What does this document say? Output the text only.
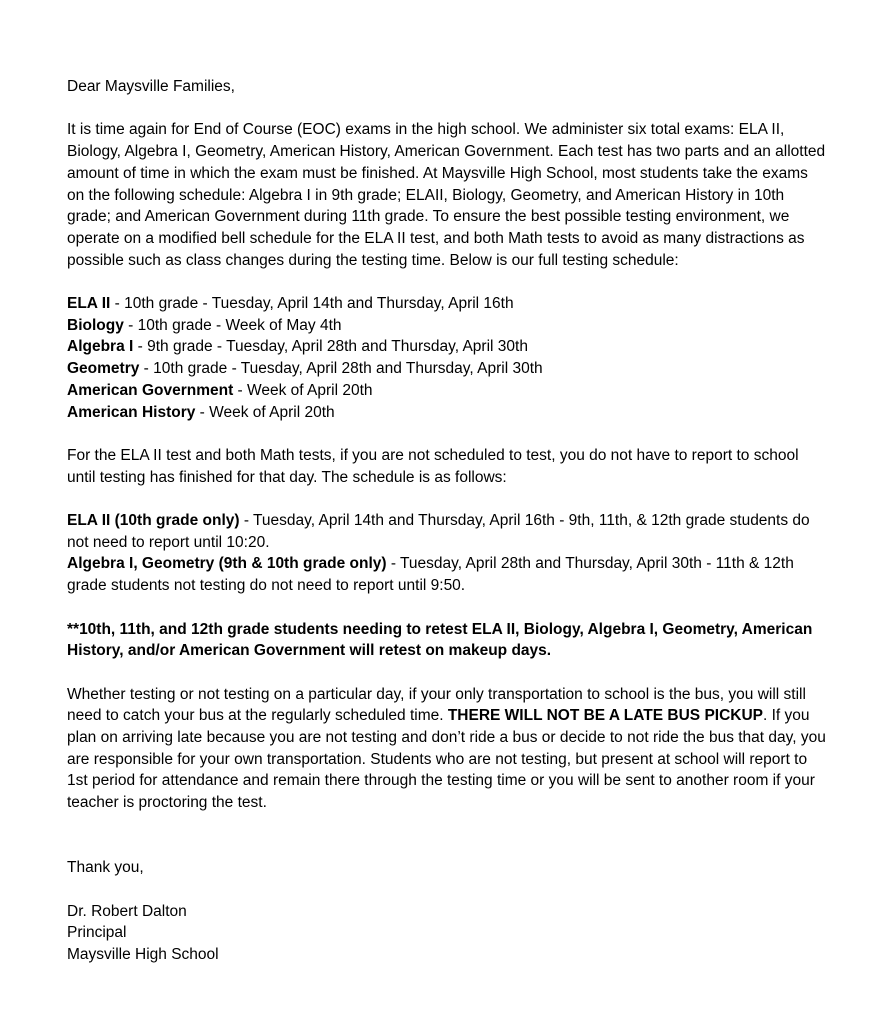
Dear Maysville Families,

It is time again for End of Course (EOC) exams in the high school. We administer six total exams: ELA II, Biology, Algebra I, Geometry, American History, American Government. Each test has two parts and an allotted amount of time in which the exam must be finished. At Maysville High School, most students take the exams on the following schedule: Algebra I in 9th grade; ELAII, Biology, Geometry, and American History in 10th grade; and American Government during 11th grade. To ensure the best possible testing environment, we operate on a modified bell schedule for the ELA II test, and both Math tests to avoid as many distractions as possible such as class changes during the testing time. Below is our full testing schedule:

ELA II - 10th grade - Tuesday, April 14th and Thursday, April 16th
Biology - 10th grade - Week of May 4th
Algebra I - 9th grade - Tuesday, April 28th and Thursday, April 30th
Geometry - 10th grade - Tuesday, April 28th and Thursday, April 30th
American Government - Week of April 20th
American History - Week of April 20th

For the ELA II test and both Math tests, if you are not scheduled to test, you do not have to report to school until testing has finished for that day. The schedule is as follows:

ELA II (10th grade only) - Tuesday, April 14th and Thursday, April 16th - 9th, 11th, & 12th grade students do not need to report until 10:20.
Algebra I, Geometry (9th & 10th grade only) - Tuesday, April 28th and Thursday, April 30th - 11th & 12th grade students not testing do not need to report until 9:50.

**10th, 11th, and 12th grade students needing to retest ELA II, Biology, Algebra I, Geometry, American History, and/or American Government will retest on makeup days.

Whether testing or not testing on a particular day, if your only transportation to school is the bus, you will still need to catch your bus at the regularly scheduled time. THERE WILL NOT BE A LATE BUS PICKUP. If you plan on arriving late because you are not testing and don’t ride a bus or decide to not ride the bus that day, you are responsible for your own transportation. Students who are not testing, but present at school will report to 1st period for attendance and remain there through the testing time or you will be sent to another room if your teacher is proctoring the test.

Thank you,

Dr. Robert Dalton
Principal
Maysville High School
